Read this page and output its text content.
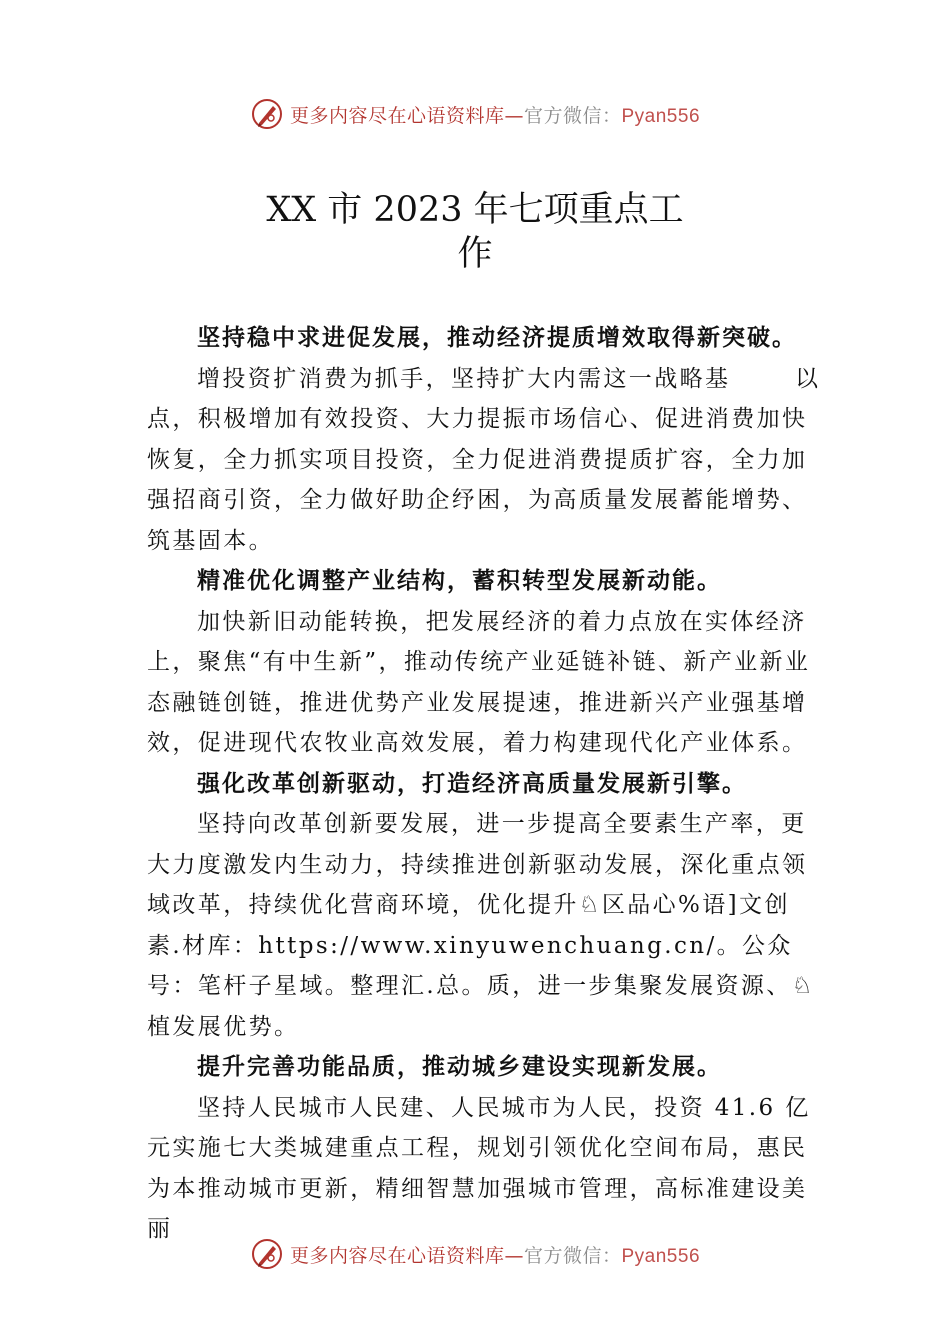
更多内容尽在心语资料库—官方微信：Pyan556
XX 市 2023 年七项重点工
作

坚持稳中求进促发展，推动经济提质增效取得新突破。
以

增投资扩消费为抓手，坚持扩大内需这一战略基点，积极增加有效投资、大力提振市场信心、促进消费加快恢复，全力抓实项目投资，全力促进消费提质扩容，全力加强招商引资，全力做好助企纾困，为高质量发展蓄能增势、筑基固本。

精准优化调整产业结构，蓄积转型发展新动能。

加快新旧动能转换，把发展经济的着力点放在实体经济上，聚焦“有中生新”，推动传统产业延链补链、新产业新业态融链创链，推进优势产业发展提速，推进新兴产业强基增效，促进现代农牧业高效发展，着力构建现代化产业体系。

强化改革创新驱动，打造经济高质量发展新引擎。

坚持向改革创新要发展，进一步提高全要素生产率，更大力度激发内生动力，持续推进创新驱动发展，深化重点领域改革，持续优化营商环境，优化提升♘区品心%语]文创素.材库：https://www.xinyuwenchuang.cn/。公众号：笔杆子星域。整理汇.总。质，进一步集聚发展资源、♘植发展优势。

提升完善功能品质，推动城乡建设实现新发展。

坚持人民城市人民建、人民城市为人民，投资 41.6 亿元实施七大类城建重点工程，规划引领优化空间布局，惠民为本推动城市更新，精细智慧加强城市管理，高标准建设美丽

更多内容尽在心语资料库—官方微信：Pyan556
